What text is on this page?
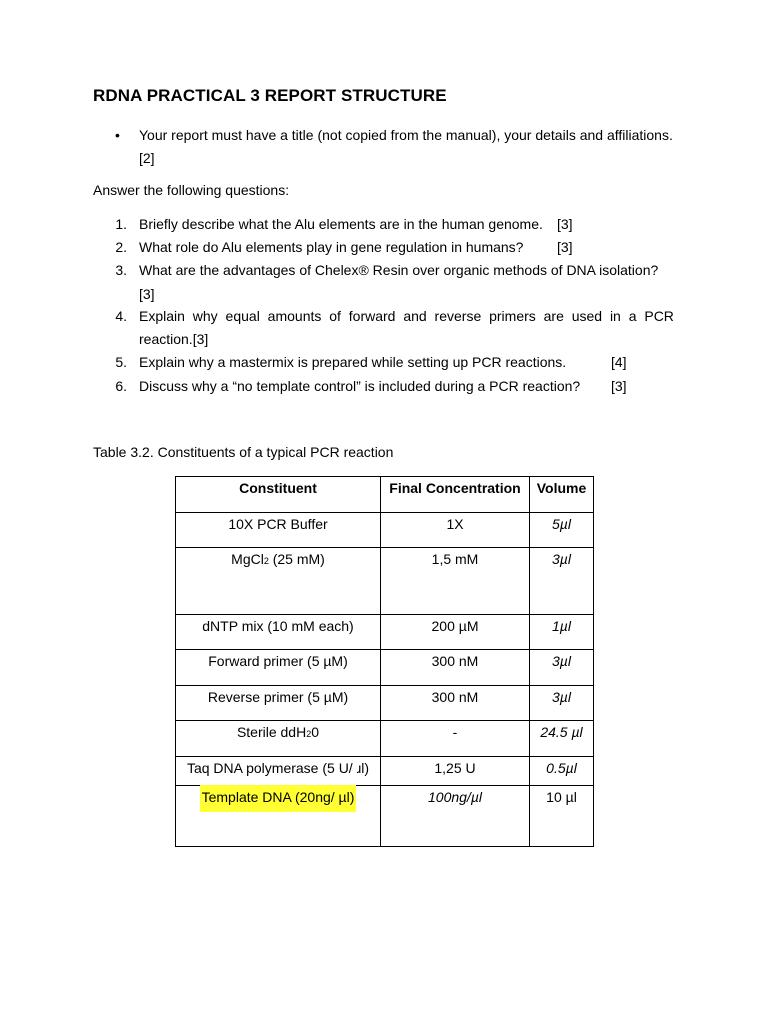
RDNA PRACTICAL 3 REPORT STRUCTURE
• Your report must have a title (not copied from the manual), your details and affiliations.
[2]
Answer the following questions:
1. Briefly describe what the Alu elements are in the human genome. [3]
2. What role do Alu elements play in gene regulation in humans? [3]
3. What are the advantages of Chelex® Resin over organic methods of DNA isolation?
[3]
4. Explain why equal amounts of forward and reverse primers are used in a PCR
reaction.[3]
5. Explain why a mastermix is prepared while setting up PCR reactions.	[4]
6. Discuss why a “no template control” is included during a PCR reaction? [3]
Table 3.2. Constituents of a typical PCR reaction
Constituent	Final Concentration	Volume
10X PCR Buffer	1X	5µl
MgCl2 (25 mM)	1,5 mM	3µl
dNTP mix (10 mM each)	200 µM	1µl
Forward primer (5 µM)	300 nM	3µl
Reverse primer (5 µM)	300 nM	3µl
Sterile ddH20	-	24.5 µl
Taq DNA polymerase (5 U/ ɹl)	1,25 U	0.5µl
Template DNA (20ng/ µl)	100ng/µl	10 µl
